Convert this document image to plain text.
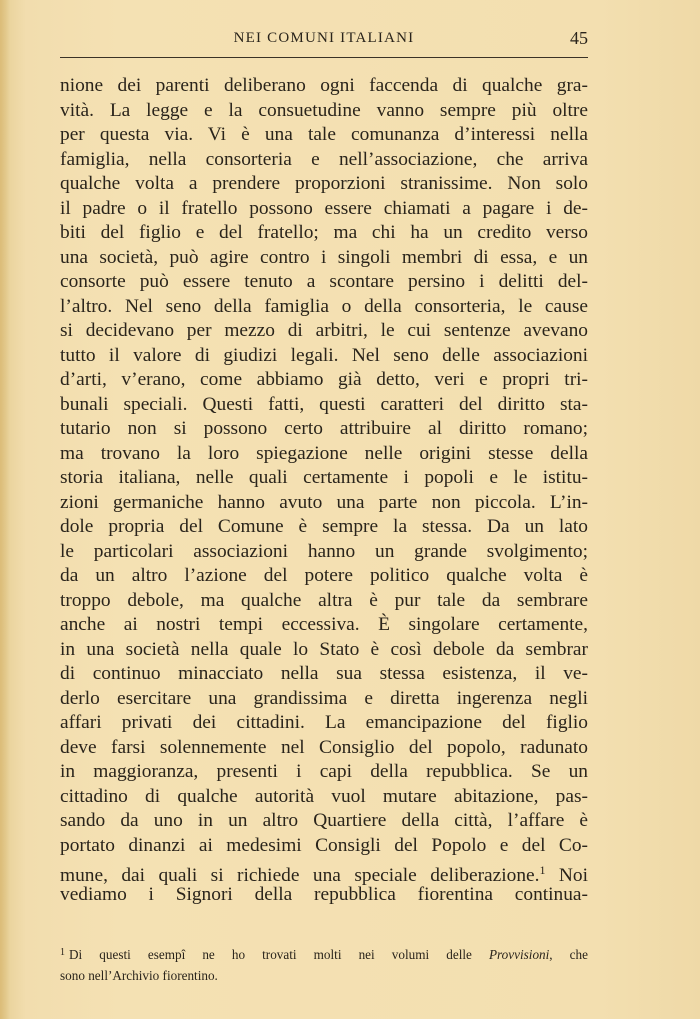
NEI COMUNI ITALIANI	45
nione dei parenti deliberano ogni faccenda di qualche gra-
vità. La legge e la consuetudine vanno sempre più oltre
per questa via. Vi è una tale comunanza d’interessi nella
famiglia, nella consorteria e nell’associazione, che arriva
qualche volta a prendere proporzioni stranissime. Non solo
il padre o il fratello possono essere chiamati a pagare i de-
biti del figlio e del fratello; ma chi ha un credito verso
una società, può agire contro i singoli membri di essa, e un
consorte può essere tenuto a scontare persino i delitti del-
l’altro. Nel seno della famiglia o della consorteria, le cause
si decidevano per mezzo di arbitri, le cui sentenze avevano
tutto il valore di giudizi legali. Nel seno delle associazioni
d’arti, v’erano, come abbiamo già detto, veri e propri tri-
bunali speciali. Questi fatti, questi caratteri del diritto sta-
tutario non si possono certo attribuire al diritto romano;
ma trovano la loro spiegazione nelle origini stesse della
storia italiana, nelle quali certamente i popoli e le istitu-
zioni germaniche hanno avuto una parte non piccola. L’in-
dole propria del Comune è sempre la stessa. Da un lato
le particolari associazioni hanno un grande svolgimento;
da un altro l’azione del potere politico qualche volta è
troppo debole, ma qualche altra è pur tale da sembrare
anche ai nostri tempi eccessiva. È singolare certamente,
in una società nella quale lo Stato è così debole da sembrar
di continuo minacciato nella sua stessa esistenza, il ve-
derlo esercitare una grandissima e diretta ingerenza negli
affari privati dei cittadini. La emancipazione del figlio
deve farsi solennemente nel Consiglio del popolo, radunato
in maggioranza, presenti i capi della repubblica. Se un
cittadino di qualche autorità vuol mutare abitazione, pas-
sando da uno in un altro Quartiere della città, l’affare è
portato dinanzi ai medesimi Consigli del Popolo e del Co-
mune, dai quali si richiede una speciale deliberazione.$^1$ Noi
vediamo i Signori della repubblica fiorentina continua-
$^1$ Di questi esempî ne ho trovati molti nei volumi delle Provvisioni, che
sono nell’Archivio fiorentino.
